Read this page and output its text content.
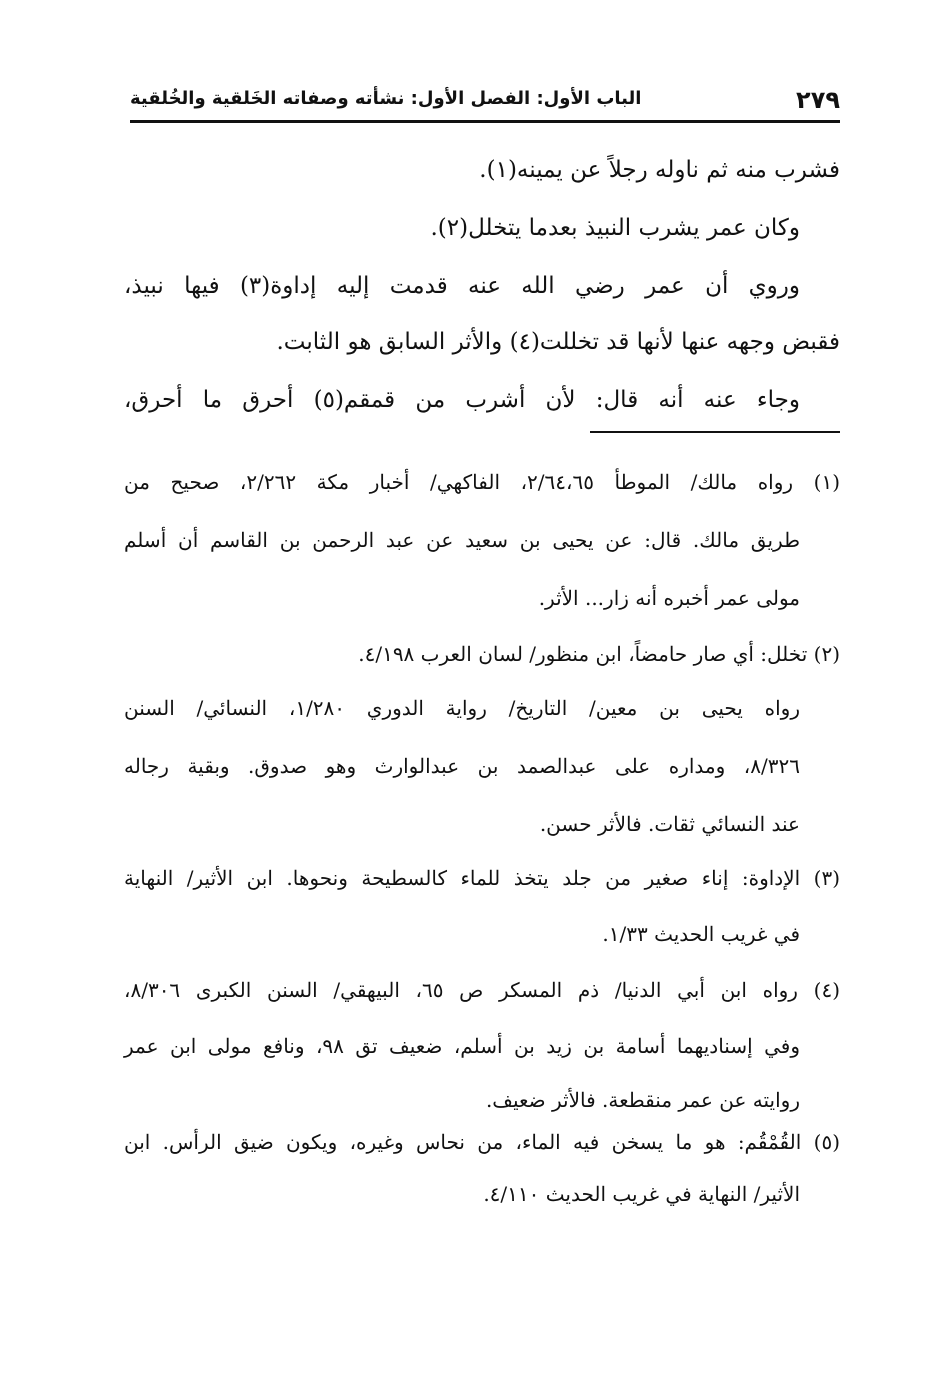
٢٧٩
الباب الأول: الفصل الأول: نشأته وصفاته الخَلقية والخُلقية
فشرب منه ثم ناوله رجلاً عن يمينه(١).
وكان عمر يشرب النبيذ بعدما يتخلل(٢).
وروي أن عمر رضي الله عنه قدمت إليه إداوة(٣) فيها نبيذ،
فقبض وجهه عنها لأنها قد تخللت(٤) والأثر السابق هو الثابت.
وجاء عنه أنه قال: لأن أشرب من قمقم(٥) أحرق ما أحرق،
(١) رواه مالك/ الموطأ ٢/٦٤،٦٥، الفاكهي/ أخبار مكة ٢/٢٦٢، صحيح من
طريق مالك. قال: عن يحيى بن سعيد عن عبد الرحمن بن القاسم أن أسلم
مولى عمر أخبره أنه زار... الأثر.
(٢) تخلل: أي صار حامضاً، ابن منظور/ لسان العرب ٤/١٩٨.
رواه يحيى بن معين/ التاريخ/ رواية الدوري ١/٢٨٠، النسائي/ السنن
٨/٣٢٦، ومداره على عبدالصمد بن عبدالوارث وهو صدوق. وبقية رجاله
عند النسائي ثقات. فالأثر حسن.
(٣) الإداوة: إناء صغير من جلد يتخذ للماء كالسطيحة ونحوها. ابن الأثير/ النهاية
في غريب الحديث ١/٣٣.
(٤) رواه ابن أبي الدنيا/ ذم المسكر ص ٦٥، البيهقي/ السنن الكبرى ٨/٣٠٦،
وفي إسناديهما أسامة بن زيد بن أسلم، ضعيف تق ٩٨، ونافع مولى ابن عمر
روايته عن عمر منقطعة. فالأثر ضعيف.
(٥) القُمْقُم: هو ما يسخن فيه الماء، من نحاس وغيره، ويكون ضيق الرأس. ابن
الأثير/ النهاية في غريب الحديث ٤/١١٠.
